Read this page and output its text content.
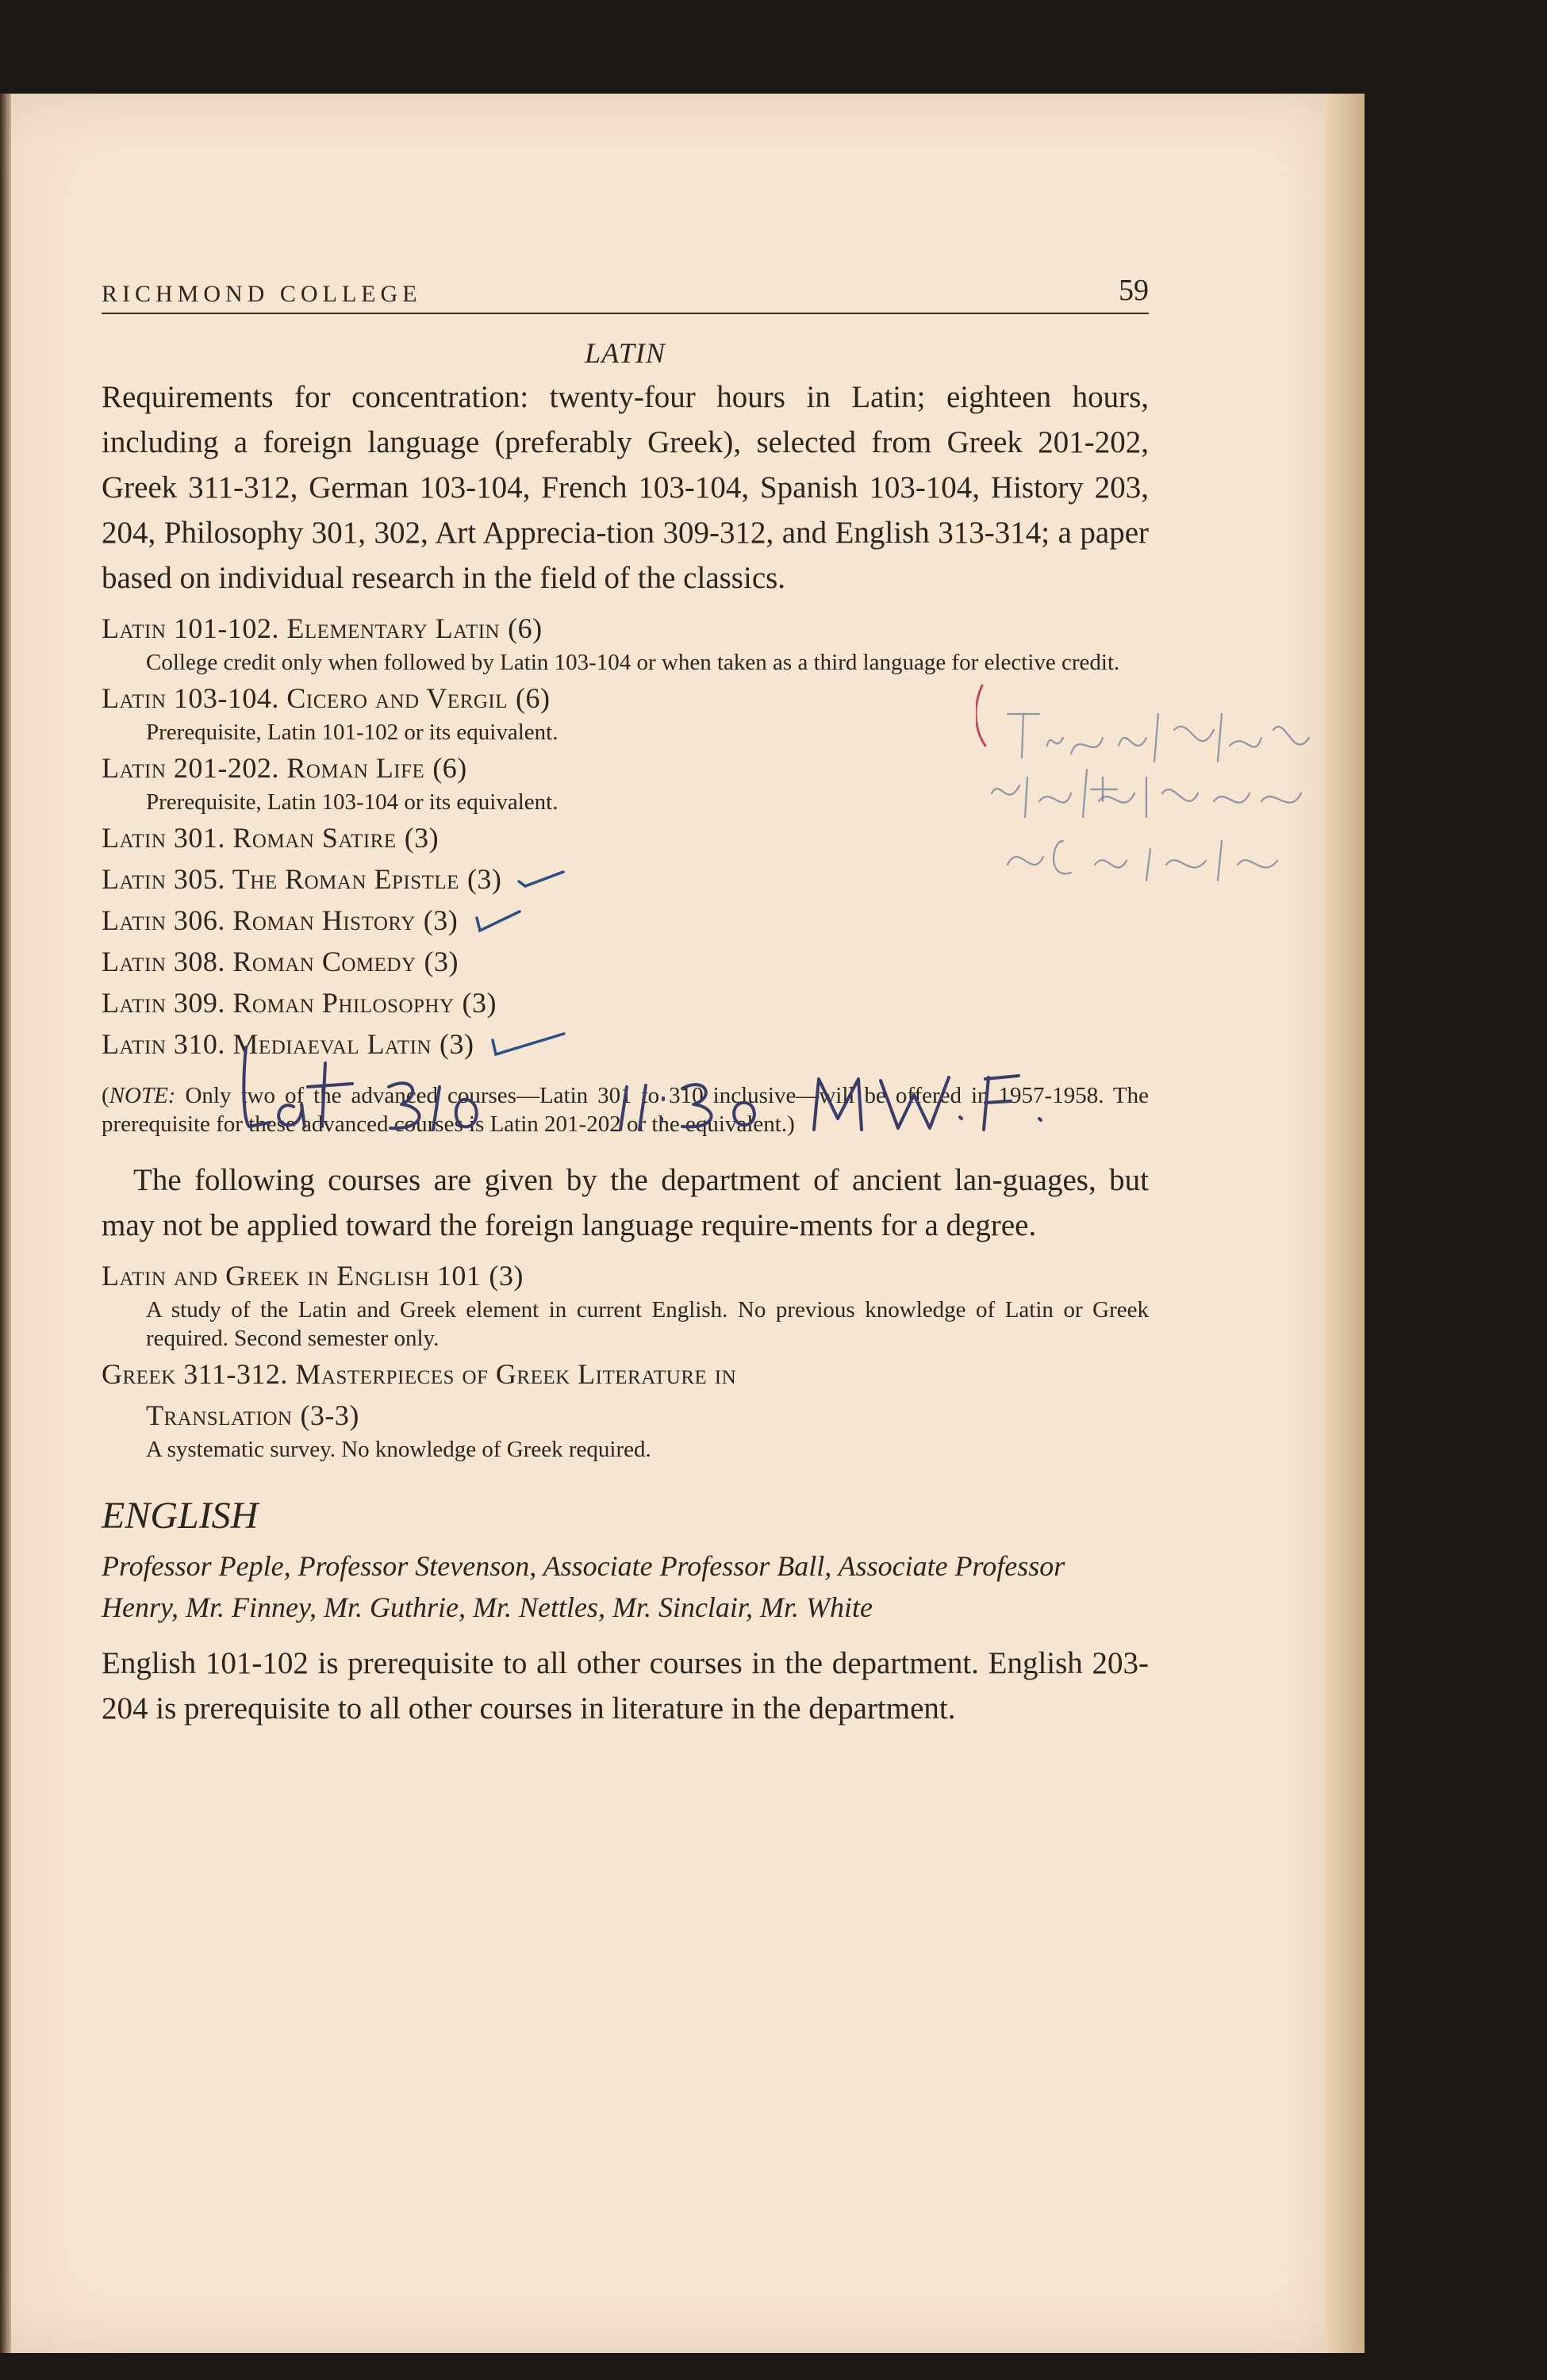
RICHMOND COLLEGE	59
LATIN

Requirements for concentration: twenty-four hours in Latin; eighteen hours, including a foreign language (preferably Greek), selected from Greek 201-202, Greek 311-312, German 103-104, French 103-104, Spanish 103-104, History 203, 204, Philosophy 301, 302, Art Apprecia-tion 309-312, and English 313-314; a paper based on individual research in the field of the classics.

Latin 101-102. Elementary Latin (6)
College credit only when followed by Latin 103-104 or when taken as a third language for elective credit.
Latin 103-104. Cicero and Vergil (6)
Prerequisite, Latin 101-102 or its equivalent.
Latin 201-202. Roman Life (6)
Prerequisite, Latin 103-104 or its equivalent.
Latin 301. Roman Satire (3)
Latin 305. The Roman Epistle (3)
Latin 306. Roman History (3)
Latin 308. Roman Comedy (3)
Latin 309. Roman Philosophy (3)
Latin 310. Mediaeval Latin (3)
(NOTE: Only two of the advanced courses—Latin 301 to 310 inclusive—will be offered in 1957-1958. The prerequisite for these advanced courses is Latin 201-202 or the equivalent.)

The following courses are given by the department of ancient lan-guages, but may not be applied toward the foreign language require-ments for a degree.

Latin and Greek in English 101 (3)
A study of the Latin and Greek element in current English. No previous knowledge of Latin or Greek required. Second semester only.
Greek 311-312. Masterpieces of Greek Literature in
Translation (3-3)
A systematic survey. No knowledge of Greek required.
ENGLISH
Professor Peple, Professor Stevenson, Associate Professor Ball, Associate Professor Henry, Mr. Finney, Mr. Guthrie, Mr. Nettles, Mr. Sinclair, Mr. White

English 101-102 is prerequisite to all other courses in the department. English 203-204 is prerequisite to all other courses in literature in the department.
